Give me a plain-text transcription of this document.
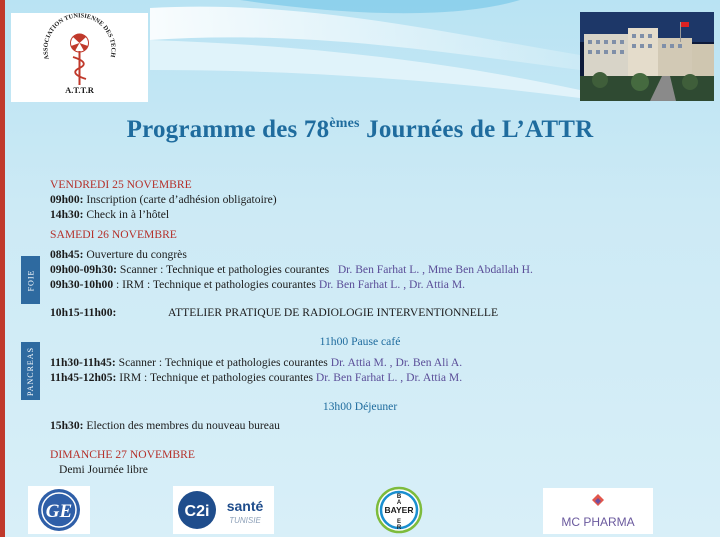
ASSOCIATION TUNISIENNE DES TECH
A.T.T.R
Programme des 78èmes Journées de L’ATTR
VENDREDI 25 NOVEMBRE
09h00: Inscription (carte d’adhésion obligatoire)
14h30: Check in à l’hôtel
SAMEDI 26 NOVEMBRE
08h45: Ouverture du congrès
FOIE 09h00-09h30: Scanner : Technique et pathologies courantes Dr. Ben Farhat L. , Mme Ben Abdallah H.
09h30-10h00 : IRM : Technique et pathologies courantes Dr. Ben Farhat L. , Dr. Attia M.
10h15-11h00:	ATTELIER PRATIQUE DE RADIOLOGIE INTERVENTIONNELLE
11h00 Pause café
PANCREAS 11h30-11h45: Scanner : Technique et pathologies courantes Dr. Attia M. , Dr. Ben Ali A.
11h45-12h05: IRM : Technique et pathologies courantes Dr. Ben Farhat L. , Dr. Attia M.
13h00 Déjeuner
15h30: Election des membres du nouveau bureau
DIMANCHE 27 NOVEMBRE
Demi Journée libre
GE	C2i santé
TUNISIE
BAYER
B
A
E
R	MC PHARMA
